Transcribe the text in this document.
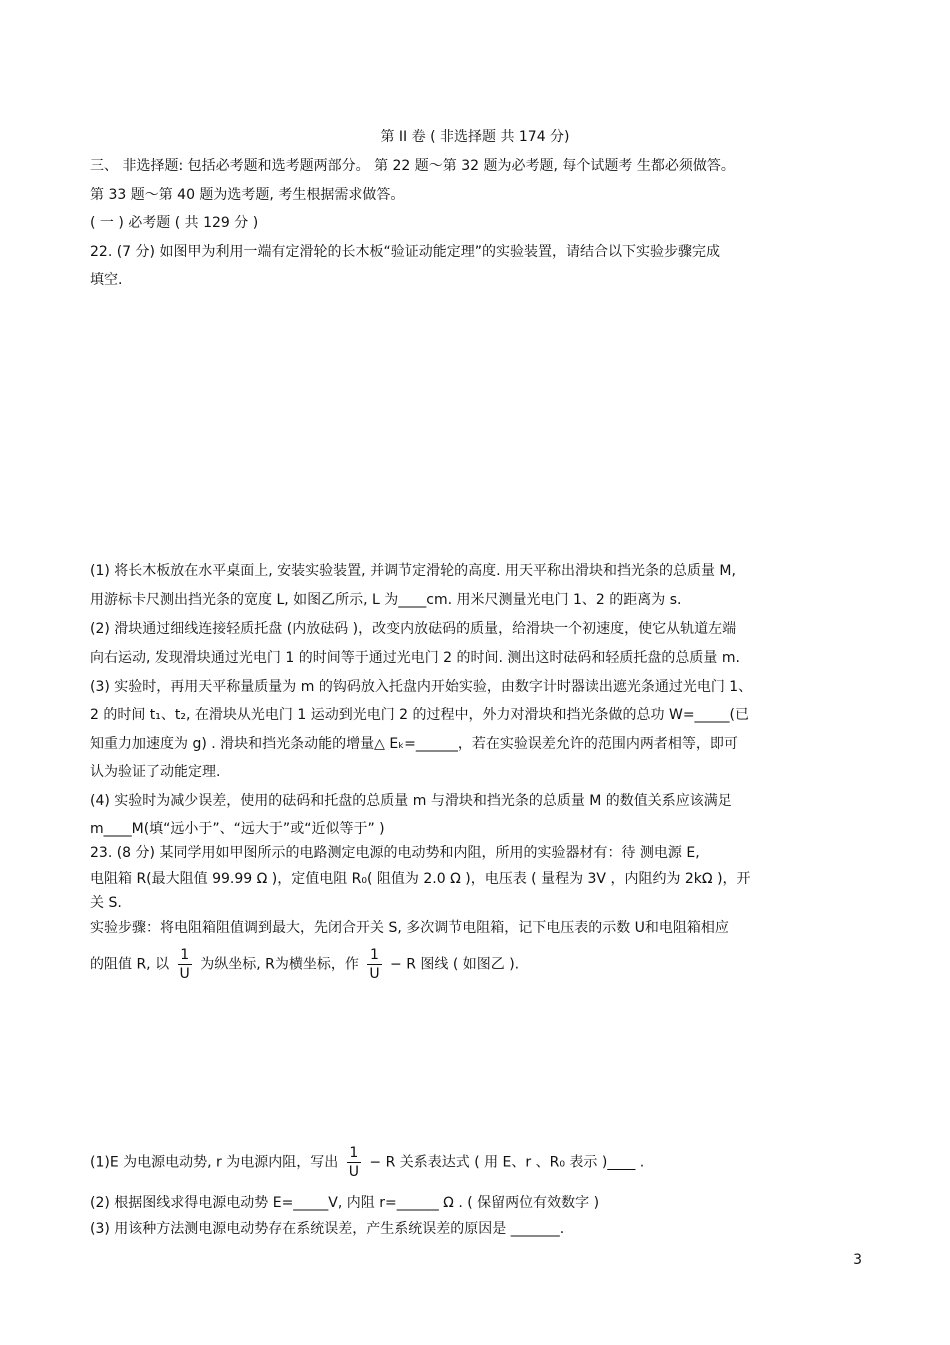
第 II 卷 ( 非选择题 共 174 分)
三、 非选择题: 包括必考题和选考题两部分。 第 22 题～第 32 题为必考题, 每个试题考 生都必须做答。
第 33 题～第 40 题为选考题, 考生根据需求做答。
( 一 ) 必考题 ( 共 129 分 )
22. (7 分) 如图甲为利用一端有定滑轮的长木板“验证动能定理”的实验装置，请结合以下实验步骤完成
填空.
(1) 将长木板放在水平桌面上, 安装实验装置, 并调节定滑轮的高度. 用天平称出滑块和挡光条的总质量 M,
用游标卡尺测出挡光条的宽度 L, 如图乙所示, L 为____cm. 用米尺测量光电门 1、2 的距离为 s.
(2) 滑块通过细线连接轻质托盘 (内放砝码 )，改变内放砝码的质量，给滑块一个初速度，使它从轨道左端
向右运动, 发现滑块通过光电门 1 的时间等于通过光电门 2 的时间. 测出这时砝码和轻质托盘的总质量 m.
(3) 实验时，再用天平称量质量为 m 的钩码放入托盘内开始实验，由数字计时器读出遮光条通过光电门 1、
2 的时间 t₁、t₂, 在滑块从光电门 1 运动到光电门 2 的过程中，外力对滑块和挡光条做的总功 W=_____(已
知重力加速度为 g) . 滑块和挡光条动能的增量△ Eₖ=______，若在实验误差允许的范围内两者相等，即可
认为验证了动能定理.
(4) 实验时为减少误差，使用的砝码和托盘的总质量 m 与滑块和挡光条的总质量 M 的数值关系应该满足
m____M(填“远小于”、“远大于”或“近似等于” )
23. (8 分) 某同学用如甲图所示的电路测定电源的电动势和内阻，所用的实验器材有：待 测电源 E,
电阻箱 R(最大阻值 99.99 Ω )，定值电阻 R₀( 阻值为 2.0 Ω )，电压表 ( 量程为 3V ，内阻约为 2kΩ )，开
关 S.
实验步骤：将电阻箱阻值调到最大，先闭合开关 S, 多次调节电阻箱，记下电压表的示数 U和电阻箱相应
的阻值 R, 以 $\frac{1}{U}$ 为纵坐标, R为横坐标，作 $\frac{1}{U} - R$ 图线 ( 如图乙 ).
(1)E 为电源电动势, r 为电源内阻，写出 $\frac{1}{U} - R$ 关系表达式 ( 用 E、r 、R₀ 表示 )____ .
(2) 根据图线求得电源电动势 E=_____V, 内阻 r=______ Ω . ( 保留两位有效数字 )
(3) 用该种方法测电源电动势存在系统误差，产生系统误差的原因是 _______.
3
